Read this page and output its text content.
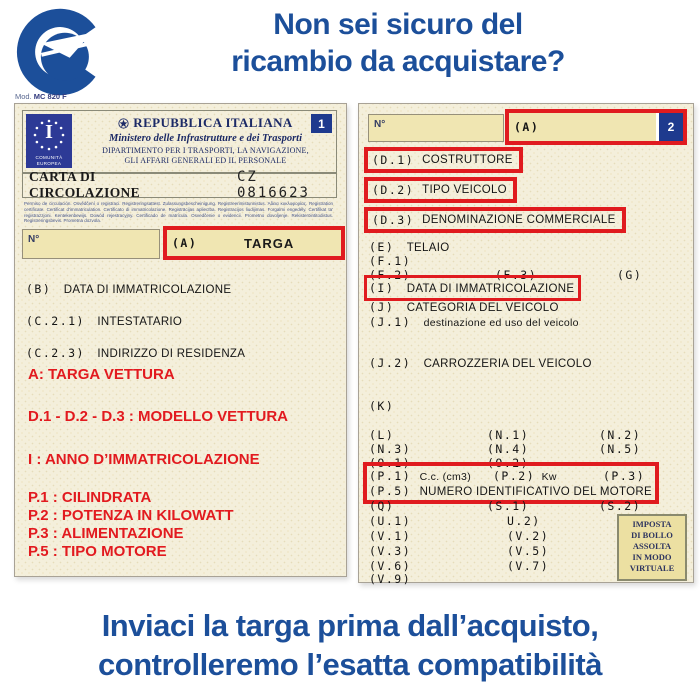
Non sei sicuro del
ricambio da acquistare?
Mod. MC 820 F
I
COMUNITÀ
EUROPEA
REPUBBLICA ITALIANA
Ministero delle Infrastrutture e dei Trasporti
DIPARTIMENTO PER I TRASPORTI, LA NAVIGAZIONE,
GLI AFFARI GENERALI ED IL PERSONALE
1
CARTA DI CIRCOLAZIONE
CZ 0816623
Permiso de circulación. Osvědčení o registraci. Registreringsattest. Zulassungsbescheinigung. Registreerimistunnistus. Άδεια κυκλοφορίας. Registration certificate. Certificat d'immatriculation. Certificato di immatricolazione. Registrācijas apliecība. Registracijos liudijimas. Forgalmi engedély. Ċertifikat ta' reġistrazzjoni. Kentekenbewijs. Dowód rejestracyjny. Certificado de matrícula. Osvedčenie o evidencii. Prometno dovoljenje. Rekisteröintitodistus. Registreringsbevis. Prometna dozvola.
N°	(A)	TARGA
(B) DATA DI IMMATRICOLAZIONE
(C.2.1) INTESTATARIO
(C.2.3) INDIRIZZO DI RESIDENZA
A: TARGA VETTURA
D.1 - D.2 - D.3 : MODELLO VETTURA
I : ANNO D’IMMATRICOLAZIONE
P.1 : CILINDRATA
P.2 : POTENZA IN KILOWATT
P.3 : ALIMENTAZIONE
P.5 : TIPO MOTORE
N°	(A)	2
(D.1) COSTRUTTORE
(D.2) TIPO VEICOLO
(D.3) DENOMINAZIONE COMMERCIALE
(E) TELAIO
(F.1)
(F.2)	(F.3)	(G)
(I) DATA DI IMMATRICOLAZIONE
(J) CATEGORIA DEL VEICOLO
(J.1) destinazione ed uso del veicolo
(J.2) CARROZZERIA DEL VEICOLO
(K)
(L)	(N.1)	(N.2)
(N.3)	(N.4)	(N.5)
(O.1)	(O.2)
(P.1) C.c. (cm3) (P.2) Kw	(P.3)
(P.5) NUMERO IDENTIFICATIVO DEL MOTORE
(Q)	(S.1)	(S.2)
(U.1)	U.2)
(V.1)	(V.2)
(V.3)	(V.5)
(V.6)	(V.7)
(V.9)
IMPOSTA
DI BOLLO
ASSOLTA
IN MODO
VIRTUALE
Inviaci la targa prima dall’acquisto,
controlleremo l’esatta compatibilità
